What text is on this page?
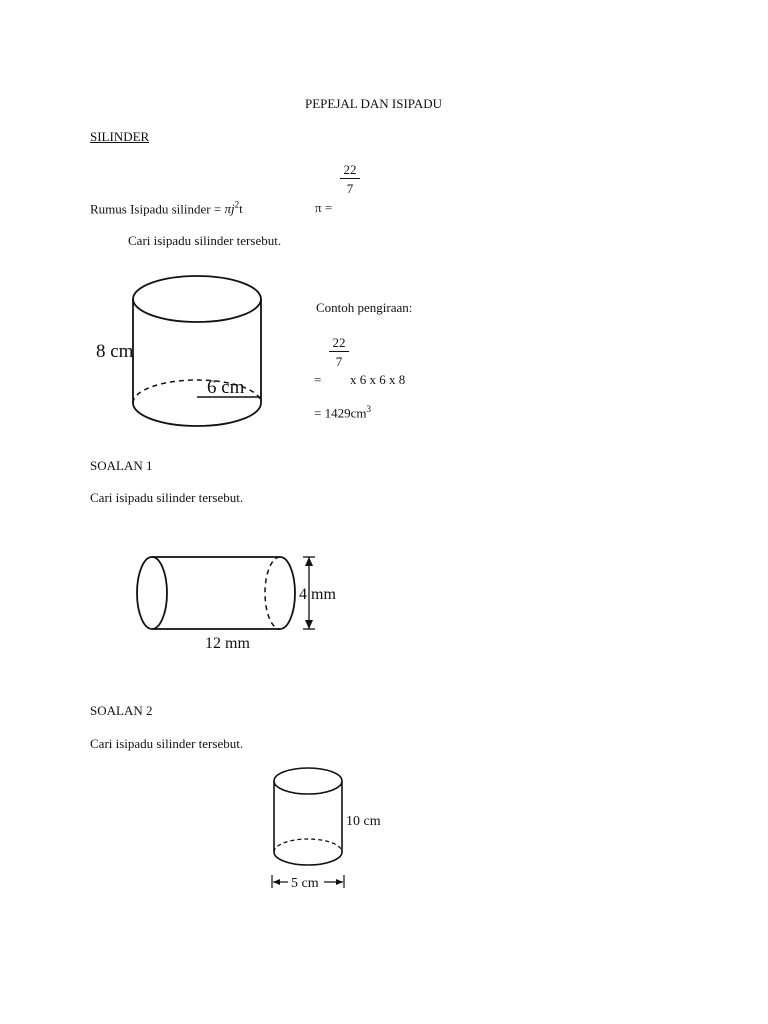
PEPEJAL DAN ISIPADU
SILINDER
Rumus Isipadu silinder = $\pi j^2t$	π =
$\frac{22}{7}$
Cari isipadu silinder tersebut.
Contoh pengiraan:
$\frac{22}{7}$
= x 6 x 6 x 8
= $1429cm^3$
SOALAN 1
Cari isipadu silinder tersebut.
SOALAN 2
Cari isipadu silinder tersebut.
8 cm
6 cm
4 mm
12 mm
10 cm
5 cm
